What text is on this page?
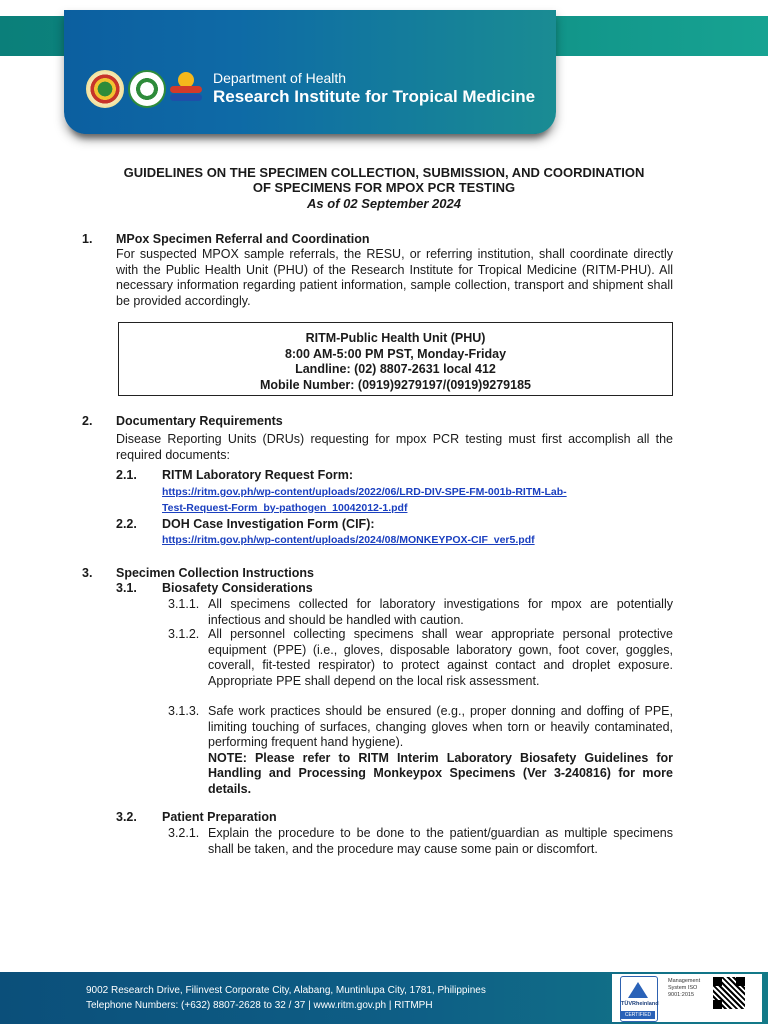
Department of Health
Research Institute for Tropical Medicine
GUIDELINES ON THE SPECIMEN COLLECTION, SUBMISSION, AND COORDINATION
OF SPECIMENS FOR MPOX PCR TESTING
As of 02 September 2024
1. MPox Specimen Referral and Coordination
For suspected MPOX sample referrals, the RESU, or referring institution, shall coordinate directly with the Public Health Unit (PHU) of the Research Institute for Tropical Medicine (RITM-PHU). All necessary information regarding patient information, sample collection, transport and shipment shall be provided accordingly.
RITM-Public Health Unit (PHU)
8:00 AM-5:00 PM PST, Monday-Friday
Landline: (02) 8807-2631 local 412
Mobile Number: (0919)9279197/(0919)9279185
2. Documentary Requirements
Disease Reporting Units (DRUs) requesting for mpox PCR testing must first accomplish all the required documents:
2.1. RITM Laboratory Request Form:
https://ritm.gov.ph/wp-content/uploads/2022/06/LRD-DIV-SPE-FM-001b-RITM-Lab-
Test-Request-Form_by-pathogen_10042012-1.pdf
2.2. DOH Case Investigation Form (CIF):
https://ritm.gov.ph/wp-content/uploads/2024/08/MONKEYPOX-CIF_ver5.pdf
3. Specimen Collection Instructions
3.1. Biosafety Considerations
3.1.1. All specimens collected for laboratory investigations for mpox are potentially infectious and should be handled with caution.
3.1.2. All personnel collecting specimens shall wear appropriate personal protective equipment (PPE) (i.e., gloves, disposable laboratory gown, foot cover, goggles, coverall, fit-tested respirator) to protect against contact and droplet exposure. Appropriate PPE shall depend on the local risk assessment.
3.1.3. Safe work practices should be ensured (e.g., proper donning and doffing of PPE, limiting touching of surfaces, changing gloves when torn or heavily contaminated, performing frequent hand hygiene).
NOTE: Please refer to RITM Interim Laboratory Biosafety Guidelines for Handling and Processing Monkeypox Specimens (Ver 3-240816) for more details.
3.2. Patient Preparation
3.2.1. Explain the procedure to be done to the patient/guardian as multiple specimens shall be taken, and the procedure may cause some pain or discomfort.
9002 Research Drive, Filinvest Corporate City, Alabang, Muntinlupa City, 1781, Philippines
Telephone Numbers: (+632) 8807-2628 to 32 / 37 | www.ritm.gov.ph | RITMPH	TÜVRheinland
CERTIFIED
Management System ISO 9001:2015
